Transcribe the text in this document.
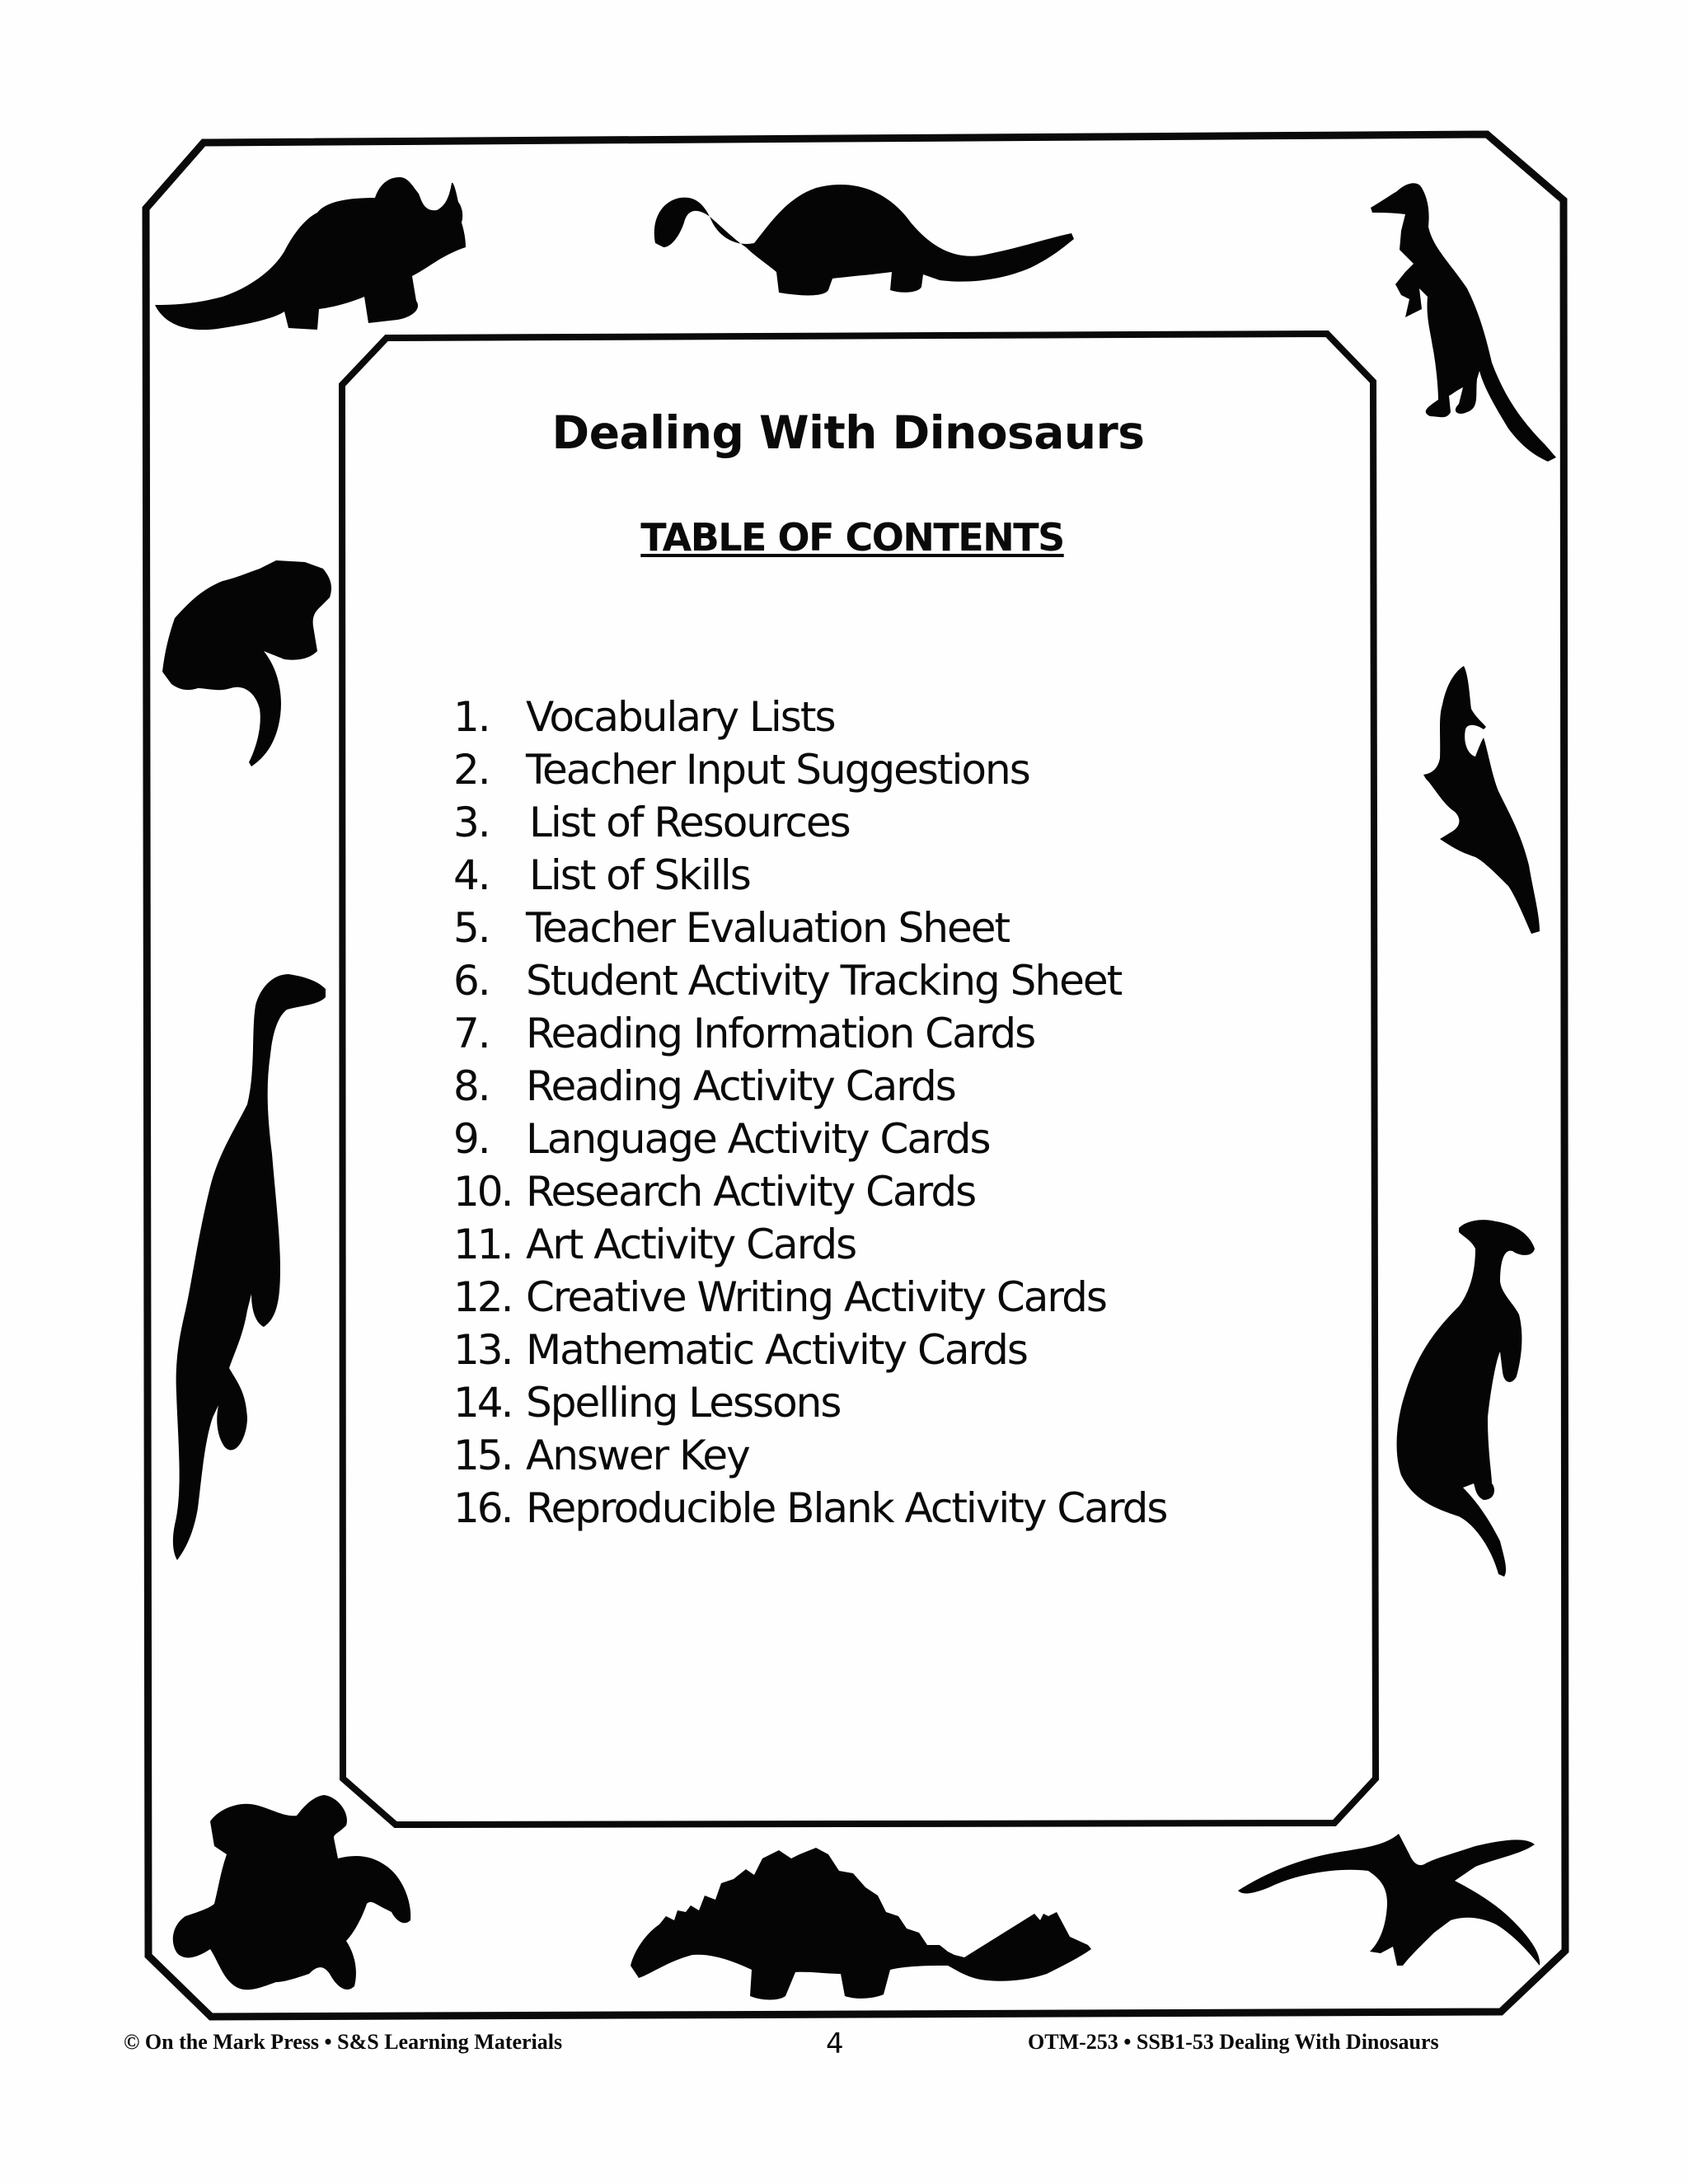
Dealing With Dinosaurs
TABLE OF CONTENTS
1. Vocabulary Lists
2. Teacher Input Suggestions
3. List of Resources
4. List of Skills
5. Teacher Evaluation Sheet
6. Student Activity Tracking Sheet
7. Reading Information Cards
8. Reading Activity Cards
9. Language Activity Cards
10. Research Activity Cards
11. Art Activity Cards
12. Creative Writing Activity Cards
13. Mathematic Activity Cards
14. Spelling Lessons
15. Answer Key
16. Reproducible Blank Activity Cards
© On the Mark Press • S&S Learning Materials	4	OTM-253 • SSB1-53 Dealing With Dinosaurs
